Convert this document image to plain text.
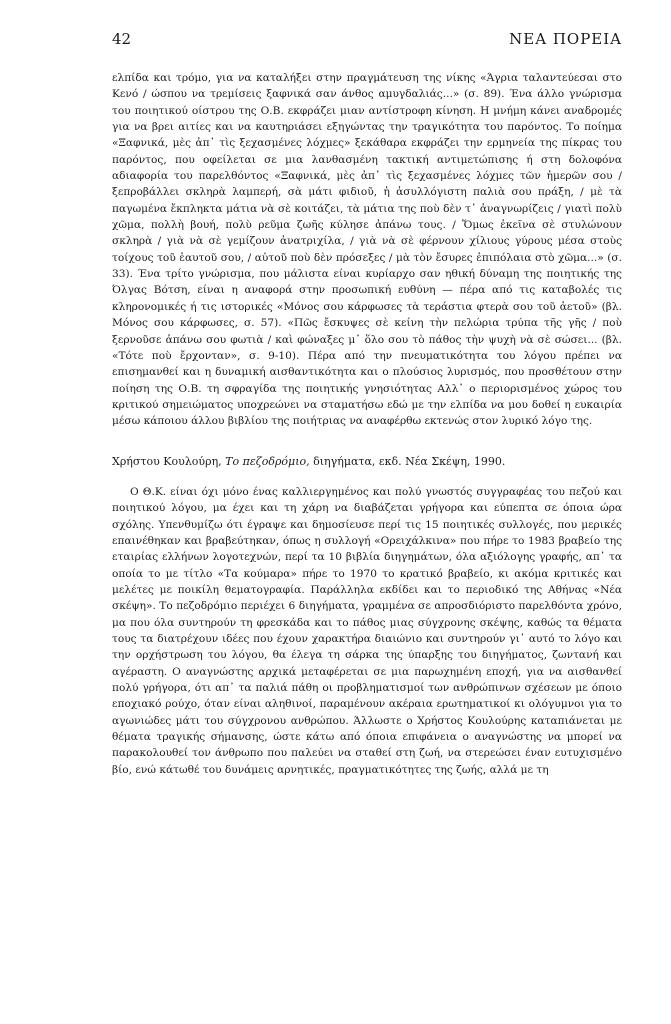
42	ΝΕΑ ΠΟΡΕΙΑ

ελπίδα και τρόμο, για να καταλήξει στην πραγμάτευση της νίκης «Άγρια ταλαντεύεσαι στο Κενό / ώσπου να τρεμίσεις ξαφνικά σαν άνθος αμυγδαλιάς...» (σ. 89). Ένα άλλο γνώρισμα του ποιητικού οίστρου της Ο.Β. εκφράζει μιαν αντίστροφη κίνηση. Η μνήμη κάνει αναδρομές για να βρει αιτίες και να καυτηριάσει εξηγώντας την τραγικότητα του παρόντος. Το ποίημα «Ξαφνικά, μὲς ἀπ᾽ τὶς ξεχασμένες λόχμες» ξεκάθαρα εκφράζει την ερμηνεία της πίκρας του παρόντος, που οφείλεται σε μια λανθασμένη τακτική αντιμετώπισης ή στη δολοφόνα αδιαφορία του παρελθόντος «Ξαφνικά, μὲς ἀπ᾽ τὶς ξεχασμένες λόχμες τῶν ἡμερῶν σου / ξεπροβάλλει σκληρὰ λαμπερή, σὰ μάτι φιδιοῦ, ἡ ἀσυλλόγιστη παλιὰ σου πράξη, / μὲ τὰ παγωμένα ἔκπληκτα μάτια νὰ σὲ κοιτάζει, τὰ μάτια της ποὺ δὲν τ᾽ ἀναγνωρίζεις / γιατὶ πολὺ χῶμα, πολλὴ βουή, πολὺ ρεῦμα ζωῆς κύλησε ἀπάνω τους. / Ὅμως ἐκεῖνα σὲ στυλώνουν σκληρὰ / γιὰ νὰ σὲ γεμίζουν ἀνατριχίλα, / γιὰ νὰ σὲ φέρνουν χίλιους γύρους μέσα στοὺς τοίχους τοῦ ἑαυτοῦ σου, / αὐτοῦ ποὺ δὲν πρόσεξες / μὰ τὸν ἔσυρες ἐπιπόλαια στὸ χῶμα...» (σ. 33). Ένα τρίτο γνώρισμα, που μάλιστα είναι κυρίαρχο σαν ηθική δύναμη της ποιητικής της Όλγας Βότση, είναι η αναφορά στην προσωπική ευθύνη — πέρα από τις καταβολές τις κληρονομικές ή τις ιστορικές «Μόνος σου κάρφωσες τὰ τεράστια φτερὰ σου τοῦ ἀετοῦ» (βλ. Μόνος σου κάρφωσες, σ. 57). «Πῶς ἔσκυψες σὲ κείνη τὴν πελώρια τρύπα τῆς γῆς / ποὺ ξερνοῦσε ἀπάνω σου φωτιὰ / καὶ φώναξες μ᾽ ὅλο σου τὸ πάθος τὴν ψυχὴ νὰ σὲ σώσει... (βλ. «Τότε ποὺ ἔρχονταν», σ. 9-10). Πέρα από την πνευματικότητα του λόγου πρέπει να επισημανθεί και η δυναμική αισθαντικότητα και ο πλούσιος λυρισμός, που προσθέτουν στην ποίηση της Ο.Β. τη σφραγίδα της ποιητικής γνησιότητας Αλλ᾽ ο περιορισμένος χώρος του κριτικού σημειώματος υποχρεώνει να σταματήσω εδώ με την ελπίδα να μου δοθεί η ευκαιρία μέσω κάποιου άλλου βιβλίου της ποιήτριας να αναφέρθω εκτενώς στον λυρικό λόγο της.

Χρήστου Κουλούρη, Το πεζοδρόμιο, διηγήματα, εκδ. Νέα Σκέψη, 1990.

Ο Θ.Κ. είναι όχι μόνο ένας καλλιεργημένος και πολύ γνωστός συγγραφέας του πεζού και ποιητικού λόγου, μα έχει και τη χάρη να διαβάζεται γρήγορα και εύπεπτα σε όποια ώρα σχόλης. Υπενθυμίζω ότι έγραψε και δημοσίευσε περί τις 15 ποιητικές συλλογές, που μερικές επαινέθηκαν και βραβεύτηκαν, όπως η συλλογή «Ορειχάλκινα» που πήρε το 1983 βραβείο της εταιρίας ελλήνων λογοτεχνών, περί τα 10 βιβλία διηγημάτων, όλα αξιόλογης γραφής, απ᾽ τα οποία το με τίτλο «Τα κούμαρα» πήρε το 1970 το κρατικό βραβείο, κι ακόμα κριτικές και μελέτες με ποικίλη θεματογραφία. Παράλληλα εκδίδει και το περιοδικό της Αθήνας «Νέα σκέψη». Το πεζοδρόμιο περιέχει 6 διηγήματα, γραμμένα σε απροσδιόριστο παρελθόντα χρόνο, μα που όλα συντηρούν τη φρεσκάδα και το πάθος μιας σύγχρονης σκέψης, καθώς τα θέματα τους τα διατρέχουν ιδέες που έχουν χαρακτήρα διαιώνιο και συντηρούν γι᾽ αυτό το λόγο και την ορχήστρωση του λόγου, θα έλεγα τη σάρκα της ύπαρξης του διηγήματος, ζωντανή και αγέραστη. Ο αναγνώστης αρχικά μεταφέρεται σε μια παρωχημένη εποχή, για να αισθανθεί πολύ γρήγορα, ότι απ᾽ τα παλιά πάθη οι προβληματισμοί των ανθρώπινων σχέσεων με όποιο εποχιακό ρούχο, όταν είναι αληθινοί, παραμένουν ακέραια ερωτηματικοί κι ολόγυμνοι για το αγωνιώδες μάτι του σύγχρονου ανθρώπου. Άλλωστε ο Χρήστος Κουλούρης καταπιάνεται με θέματα τραγικής σήμανσης, ώστε κάτω από όποια επιφάνεια ο αναγνώστης να μπορεί να παρακολουθεί τον άνθρωπο που παλεύει να σταθεί στη ζωή, να στερεώσει έναν ευτυχισμένο βίο, ενώ κάτωθέ του δυνάμεις αρνητικές, πραγματικότητες της ζωής, αλλά με τη
